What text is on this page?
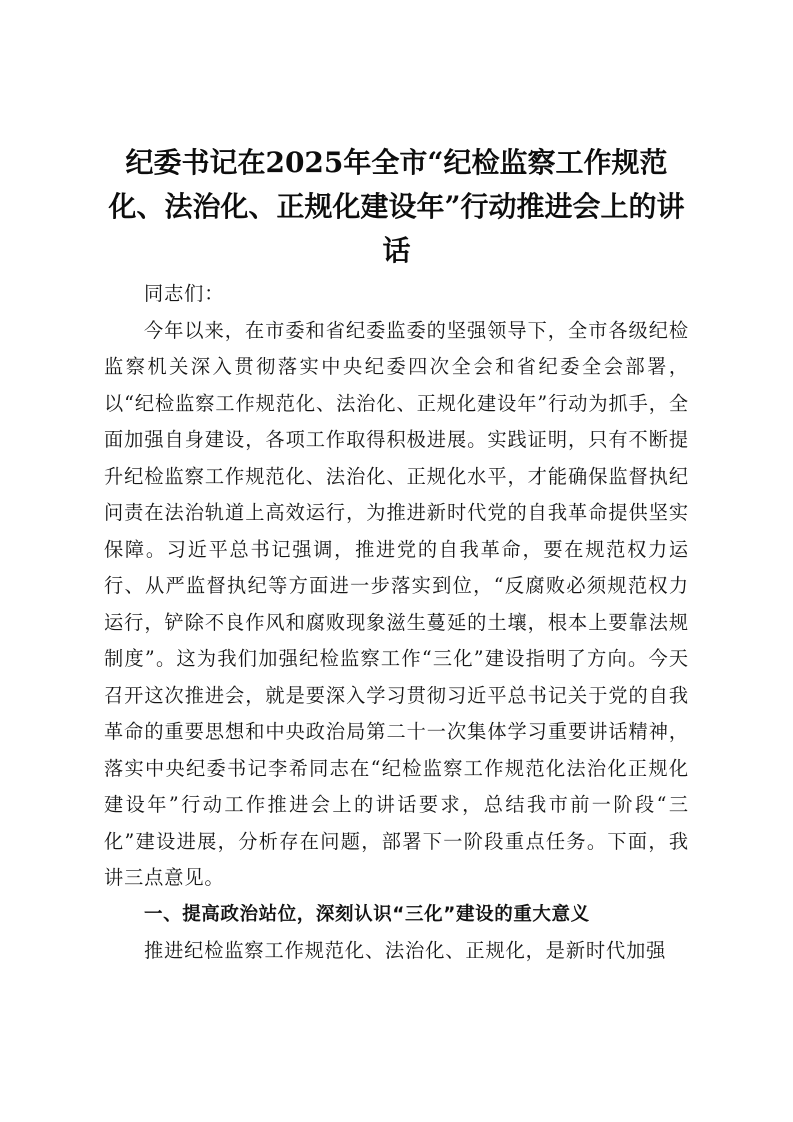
纪委书记在2025年全市“纪检监察工作规范化、法治化、正规化建设年”行动推进会上的讲话

同志们：

今年以来，在市委和省纪委监委的坚强领导下，全市各级纪检监察机关深入贯彻落实中央纪委四次全会和省纪委全会部署，以“纪检监察工作规范化、法治化、正规化建设年”行动为抓手，全面加强自身建设，各项工作取得积极进展。实践证明，只有不断提升纪检监察工作规范化、法治化、正规化水平，才能确保监督执纪问责在法治轨道上高效运行，为推进新时代党的自我革命提供坚实保障。习近平总书记强调，推进党的自我革命，要在规范权力运行、从严监督执纪等方面进一步落实到位，“反腐败必须规范权力运行，铲除不良作风和腐败现象滋生蔓延的土壤，根本上要靠法规制度”。这为我们加强纪检监察工作“三化”建设指明了方向。今天召开这次推进会，就是要深入学习贯彻习近平总书记关于党的自我革命的重要思想和中央政治局第二十一次集体学习重要讲话精神，落实中央纪委书记李希同志在“纪检监察工作规范化法治化正规化建设年”行动工作推进会上的讲话要求，总结我市前一阶段“三化”建设进展，分析存在问题，部署下一阶段重点任务。下面，我讲三点意见。

一、提高政治站位，深刻认识“三化”建设的重大意义

推进纪检监察工作规范化、法治化、正规化，是新时代加强
